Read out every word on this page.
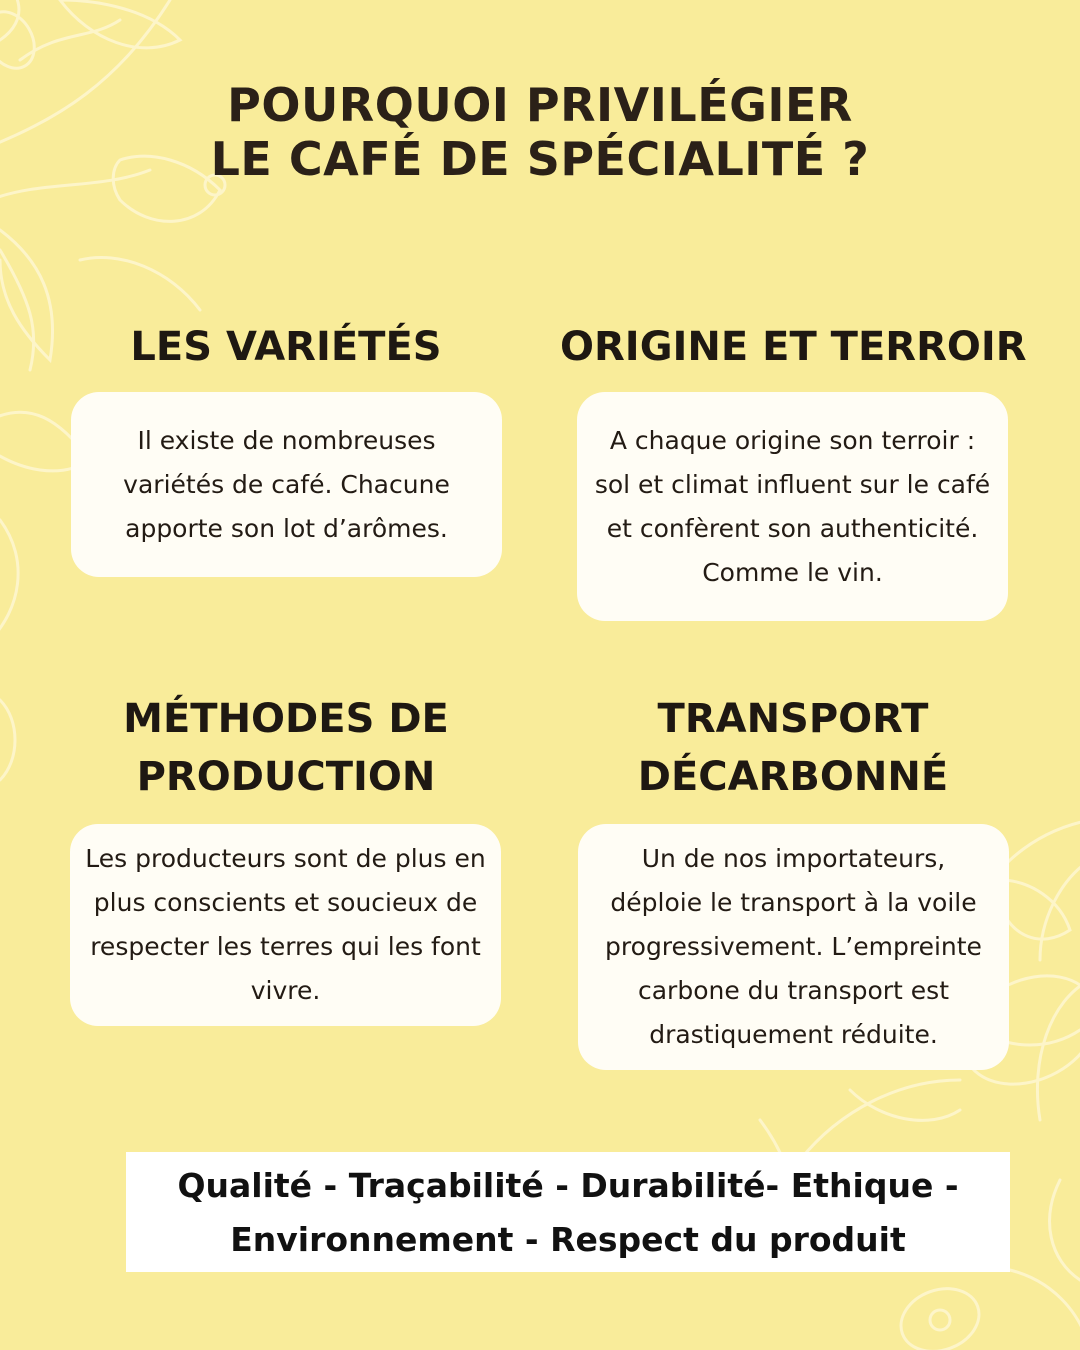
POURQUOI PRIVILÉGIER
LE CAFÉ DE SPÉCIALITÉ ?
LES VARIÉTÉS

Il existe de nombreuses variétés de café. Chacune apporte son lot d’arômes.

ORIGINE ET TERROIR

A chaque origine son terroir : sol et climat influent sur le café et confèrent son authenticité. Comme le vin.

MÉTHODES DE
PRODUCTION

Les producteurs sont de plus en plus conscients et soucieux de respecter les terres qui les font vivre.

TRANSPORT
DÉCARBONNÉ

Un de nos importateurs, déploie le transport à la voile progressivement. L’empreinte carbone du transport est drastiquement réduite.

Qualité - Traçabilité - Durabilité- Ethique -
Environnement - Respect du produit
